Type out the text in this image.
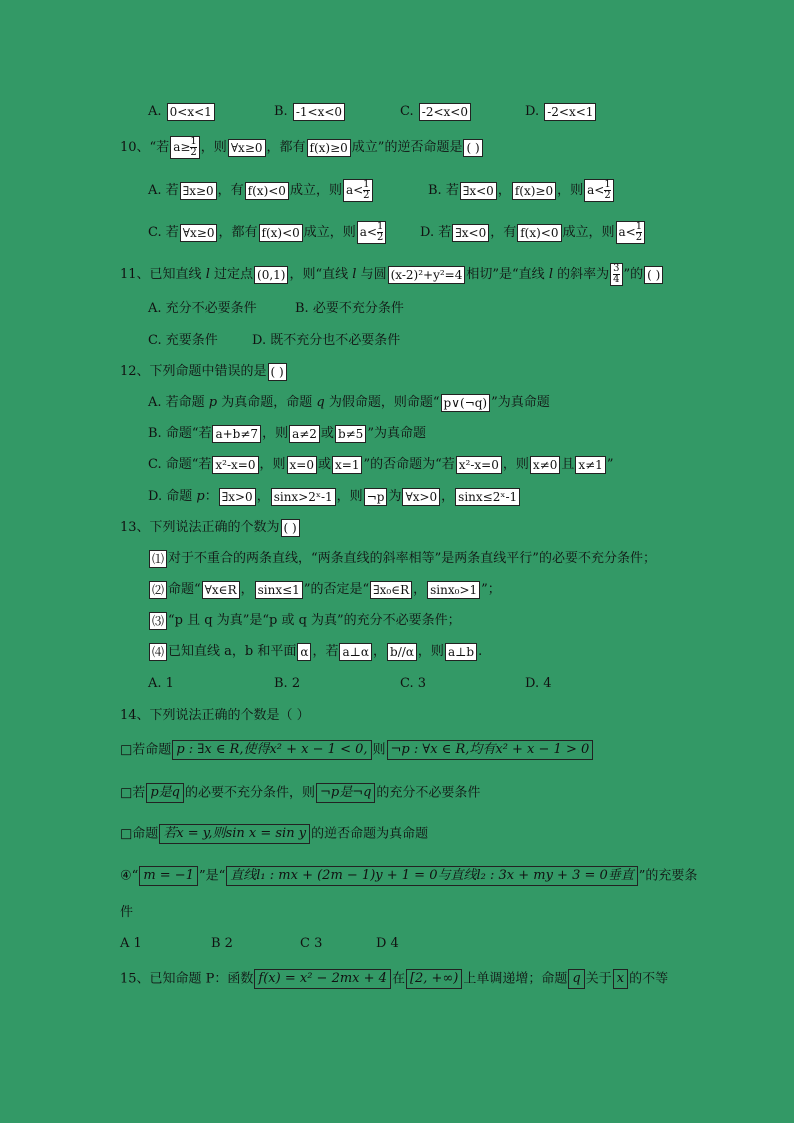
A. 0<x<1	B. -1<x<0	C. -2<x<0	D. -2<x<1
10、“若 $a\ge \frac{1}{2}$ ，则 ∀x≥0 ，都有 f(x)≥0 成立”的逆否命题是 ( )
A. 若 ∃x≥0 ，有 f(x)<0 成立，则 $a< \frac{1}{2}$	B. 若 ∃x<0 ， f(x)≥0 ，则 $a< \frac{1}{2}$
C. 若 ∀x≥0 ，都有 f(x)<0 成立，则 $a< \frac{1}{2}$	D. 若 ∃x<0 ，有 f(x)<0 成立，则 $a< \frac{1}{2}$
11、已知直线 l 过定点 (0,1) ，则“直线 l 与圆 (x-2)²+y²=4 相切”是“直线 l 的斜率为 $\frac{3}{4}$ ”的 ( )
A. 充分不必要条件	B. 必要不充分条件
C. 充要条件	D. 既不充分也不必要条件
12、下列命题中错误的是 ( )
A. 若命题 p 为真命题，命题 q 为假命题，则命题“ p∨(¬q) ”为真命题
B. 命题“若 a+b≠7 ，则 a≠2 或 b≠5 ”为真命题
C. 命题“若 x²-x=0 ，则 x=0 或 x=1 ”的否命题为“若 x²-x=0 ，则 x≠0 且 x≠1 ”
D. 命题 p： ∃x>0 ， sinx>2ˣ-1 ，则 ¬p 为 ∀x>0 ， sinx≤2ˣ-1
13、下列说法正确的个数为 ( )
⑴ 对于不重合的两条直线，“两条直线的斜率相等”是两条直线平行”的必要不充分条件；
⑵ 命题“ ∀x∈R ， sinx≤1 ”的否定是“ ∃x₀∈R ， sinx₀>1 ”；
⑶ “p 且 q 为真”是“p 或 q 为真”的充分不必要条件；
⑷ 已知直线 a，b 和平面 α ，若 a⊥α ， b//α ，则 a⊥b .
A. 1	B. 2	C. 3	D. 4
14、下列说法正确的个数是（ ）
□若命题 p : ∃x ∈ R,使得x² + x − 1 < 0, 则 ¬p : ∀x ∈ R,均有x² + x − 1 > 0
□若 p是q 的必要不充分条件，则 ¬p是¬q 的充分不必要条件
□命题 若x = y,则sin x = sin y 的逆否命题为真命题
④“ m = −1 ”是“ 直线l₁ : mx + (2m − 1)y + 1 = 0与直线l₂ : 3x + my + 3 = 0垂直 ”的充要条
件
A 1	B 2	C 3	D 4
15、已知命题 P：函数 f(x) = x² − 2mx + 4 在 [2, +∞) 上单调递增；命题 q 关于 x 的不等
